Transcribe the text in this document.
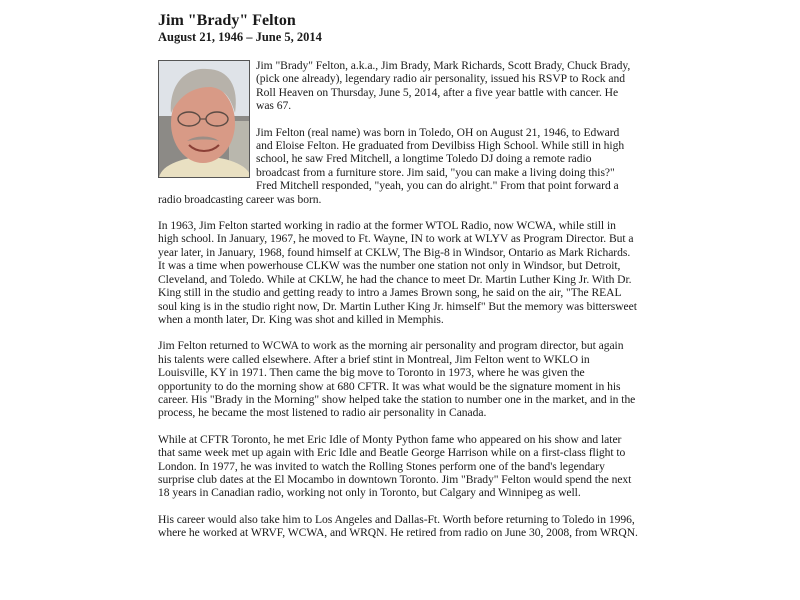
Jim "Brady" Felton
August 21, 1946 – June 5, 2014

Jim "Brady" Felton, a.k.a., Jim Brady, Mark Richards, Scott Brady, Chuck Brady, (pick one already), legendary radio air personality, issued his RSVP to Rock and Roll Heaven on Thursday, June 5, 2014, after a five year battle with cancer. He was 67.

Jim Felton (real name) was born in Toledo, OH on August 21, 1946, to Edward and Eloise Felton. He graduated from Devilbiss High School. While still in high school, he saw Fred Mitchell, a longtime Toledo DJ doing a remote radio broadcast from a furniture store. Jim said, "you can make a living doing this?" Fred Mitchell responded, "yeah, you can do alright." From that point forward a radio broadcasting career was born.

In 1963, Jim Felton started working in radio at the former WTOL Radio, now WCWA, while still in high school. In January, 1967, he moved to Ft. Wayne, IN to work at WLYV as Program Director. But a year later, in January, 1968, found himself at CKLW, The Big-8 in Windsor, Ontario as Mark Richards. It was a time when powerhouse CLKW was the number one station not only in Windsor, but Detroit, Cleveland, and Toledo. While at CKLW, he had the chance to meet Dr. Martin Luther King Jr. With Dr. King still in the studio and getting ready to intro a James Brown song, he said on the air, "The REAL soul king is in the studio right now, Dr. Martin Luther King Jr. himself" But the memory was bittersweet when a month later, Dr. King was shot and killed in Memphis.

Jim Felton returned to WCWA to work as the morning air personality and program director, but again his talents were called elsewhere. After a brief stint in Montreal, Jim Felton went to WKLO in Louisville, KY in 1971. Then came the big move to Toronto in 1973, where he was given the opportunity to do the morning show at 680 CFTR. It was what would be the signature moment in his career. His "Brady in the Morning" show helped take the station to number one in the market, and in the process, he became the most listened to radio air personality in Canada.

While at CFTR Toronto, he met Eric Idle of Monty Python fame who appeared on his show and later that same week met up again with Eric Idle and Beatle George Harrison while on a first-class flight to London. In 1977, he was invited to watch the Rolling Stones perform one of the band's legendary surprise club dates at the El Mocambo in downtown Toronto. Jim "Brady" Felton would spend the next 18 years in Canadian radio, working not only in Toronto, but Calgary and Winnipeg as well.

His career would also take him to Los Angeles and Dallas-Ft. Worth before returning to Toledo in 1996, where he worked at WRVF, WCWA, and WRQN. He retired from radio on June 30, 2008, from WRQN.
